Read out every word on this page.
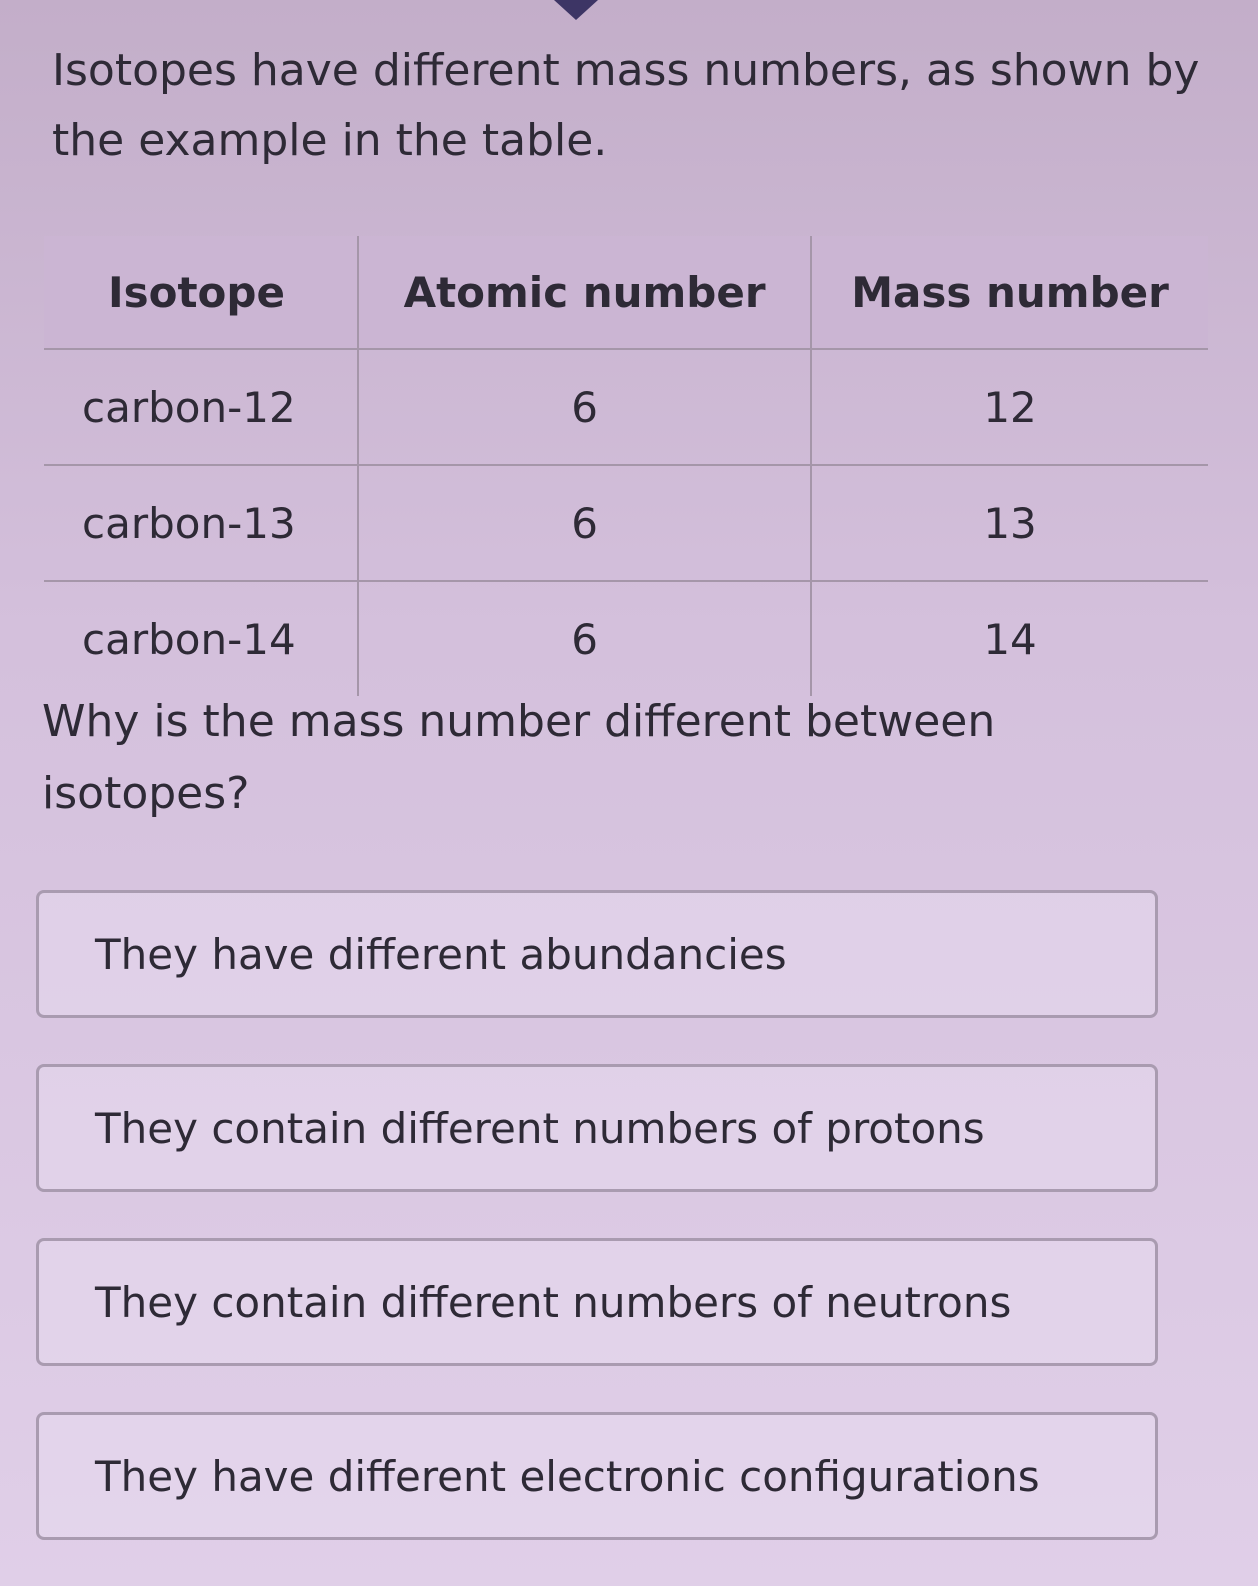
Isotopes have different mass numbers, as shown by the example in the table.
Isotope	Atomic number	Mass number
carbon-12	6	12
carbon-13	6	13
carbon-14	6	14
Why is the mass number different between isotopes?
They have different abundancies
They contain different numbers of protons
They contain different numbers of neutrons
They have different electronic configurations
